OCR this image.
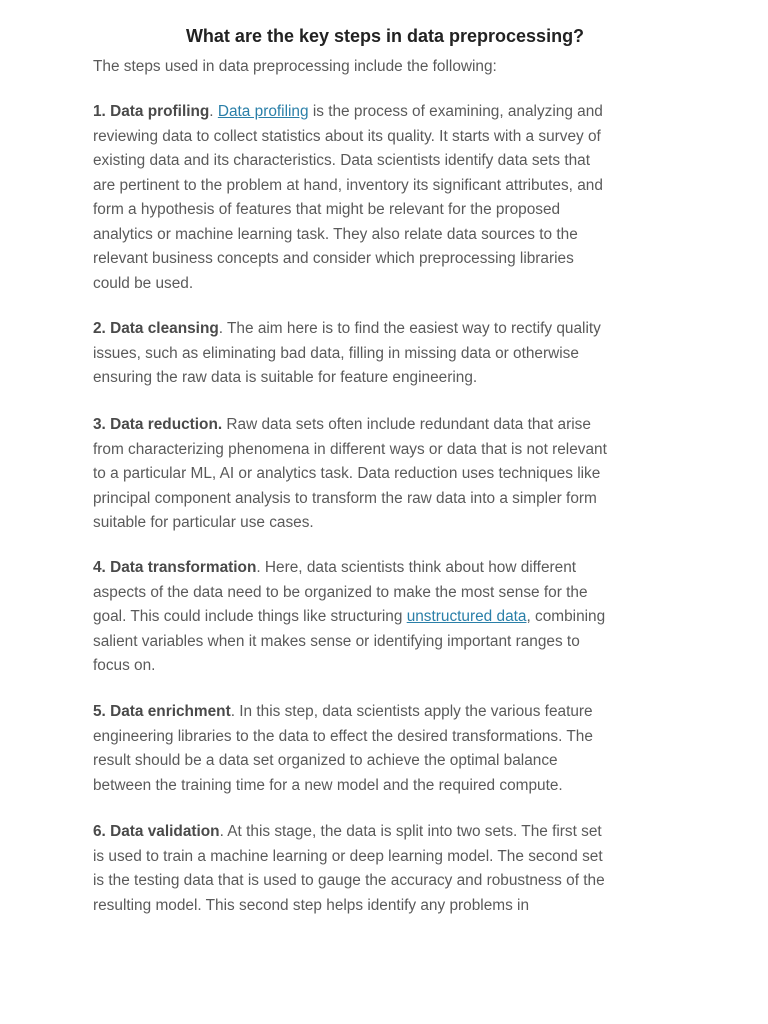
What are the key steps in data preprocessing?

The steps used in data preprocessing include the following:

1. Data profiling. Data profiling is the process of examining, analyzing and
reviewing data to collect statistics about its quality. It starts with a survey of
existing data and its characteristics. Data scientists identify data sets that
are pertinent to the problem at hand, inventory its significant attributes, and
form a hypothesis of features that might be relevant for the proposed
analytics or machine learning task. They also relate data sources to the
relevant business concepts and consider which preprocessing libraries
could be used.
2. Data cleansing. The aim here is to find the easiest way to rectify quality
issues, such as eliminating bad data, filling in missing data or otherwise
ensuring the raw data is suitable for feature engineering.
3. Data reduction. Raw data sets often include redundant data that arise
from characterizing phenomena in different ways or data that is not relevant
to a particular ML, AI or analytics task. Data reduction uses techniques like
principal component analysis to transform the raw data into a simpler form
suitable for particular use cases.
4. Data transformation. Here, data scientists think about how different
aspects of the data need to be organized to make the most sense for the
goal. This could include things like structuring unstructured data, combining
salient variables when it makes sense or identifying important ranges to
focus on.
5. Data enrichment. In this step, data scientists apply the various feature
engineering libraries to the data to effect the desired transformations. The
result should be a data set organized to achieve the optimal balance
between the training time for a new model and the required compute.
6. Data validation. At this stage, the data is split into two sets. The first set
is used to train a machine learning or deep learning model. The second set
is the testing data that is used to gauge the accuracy and robustness of the
resulting model. This second step helps identify any problems in
